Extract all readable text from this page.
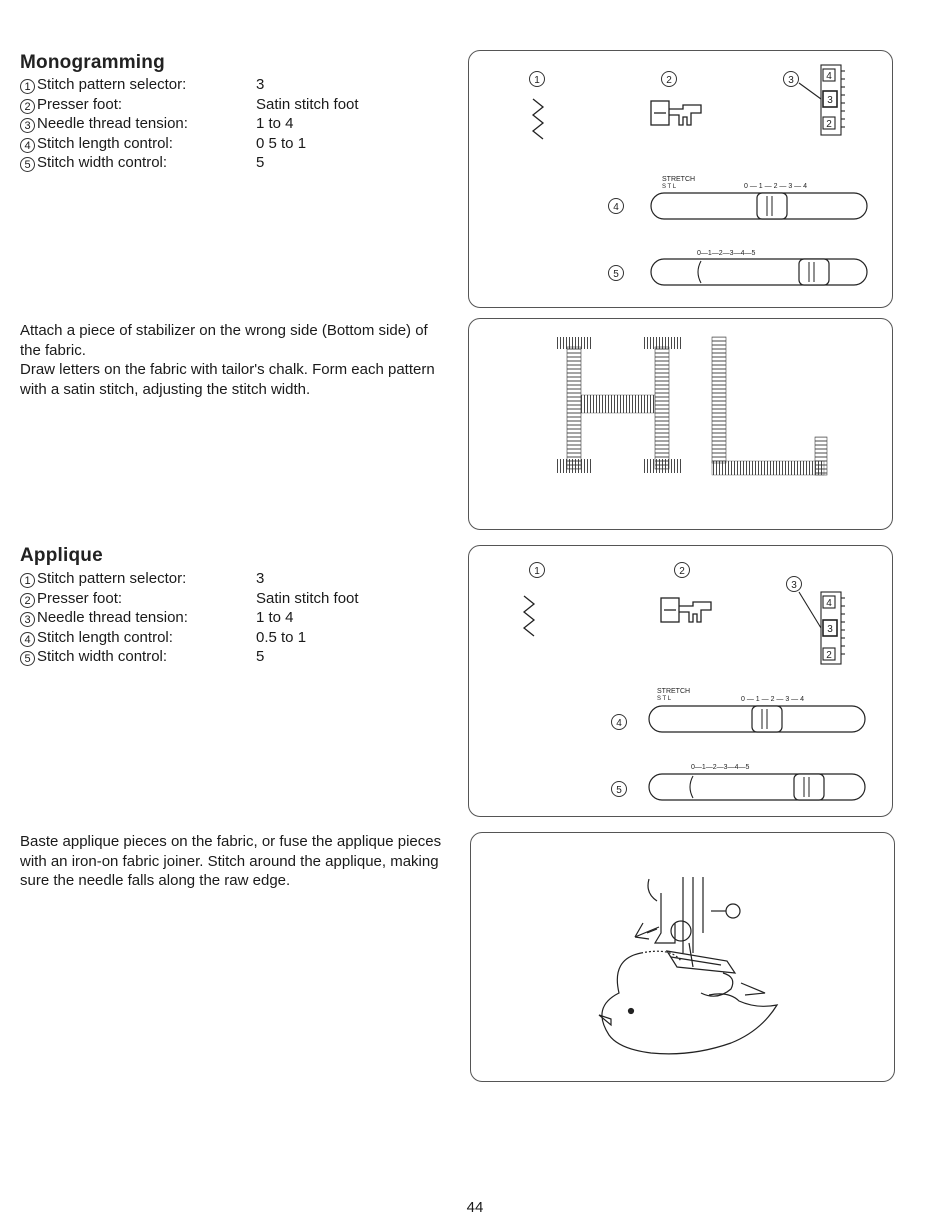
Monogramming
1 Stitch pattern selector:	3
2 Presser foot:	Satin stitch foot
3 Needle thread tension:	1 to 4
4 Stitch length control:	0 5 to 1
5 Stitch width control:	5
1	2	3
4
5
4
3
2
STRETCH
S T L	0 — 1 — 2 — 3 — 4
0—1—2—3—4—5

Attach a piece of stabilizer on the wrong side (Bottom side) of the fabric.

Draw letters on the fabric with tailor's chalk. Form each pattern with a satin stitch, adjusting the stitch width.

Applique
1 Stitch pattern selector:	3
2 Presser foot:	Satin stitch foot
3 Needle thread tension:	1 to 4
4 Stitch length control:	0.5 to 1
5 Stitch width control:	5
1	2
3
4
5
4
3
2
STRETCH
S T L	0 — 1 — 2 — 3 — 4
0—1—2—3—4—5

Baste applique pieces on the fabric, or fuse the applique pieces with an iron-on fabric joiner. Stitch around the applique, making sure the needle falls along the raw edge.

44
